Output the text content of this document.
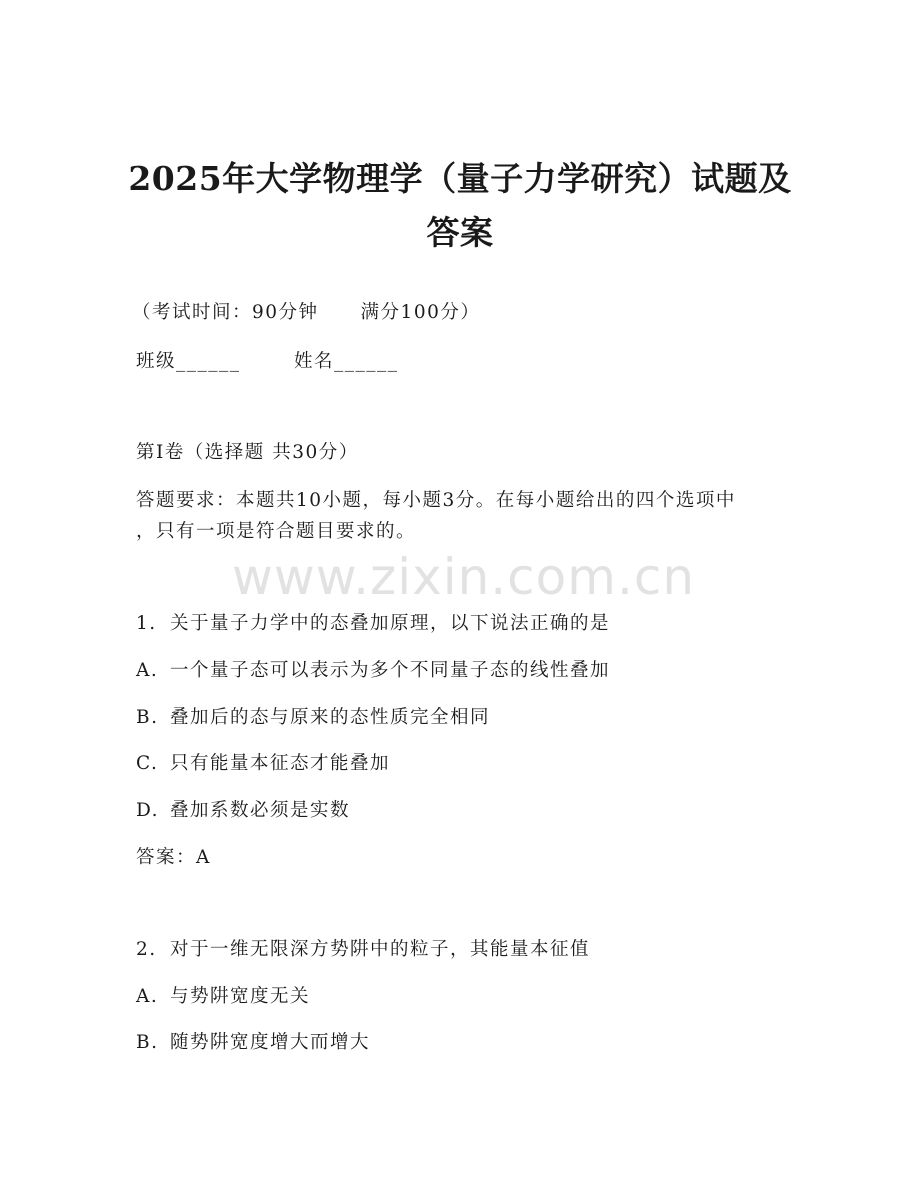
2025年大学物理学（量子力学研究）试题及答案
（考试时间：90分钟 满分100分）
班级______	姓名______
第I卷（选择题 共30分）
答题要求：本题共10小题，每小题3分。在每小题给出的四个选项中
，只有一项是符合题目要求的。
www.zixin.com.cn
1. 关于量子力学中的态叠加原理，以下说法正确的是
A. 一个量子态可以表示为多个不同量子态的线性叠加
B. 叠加后的态与原来的态性质完全相同
C. 只有能量本征态才能叠加
D. 叠加系数必须是实数
答案：A
2. 对于一维无限深方势阱中的粒子，其能量本征值
A. 与势阱宽度无关
B. 随势阱宽度增大而增大
